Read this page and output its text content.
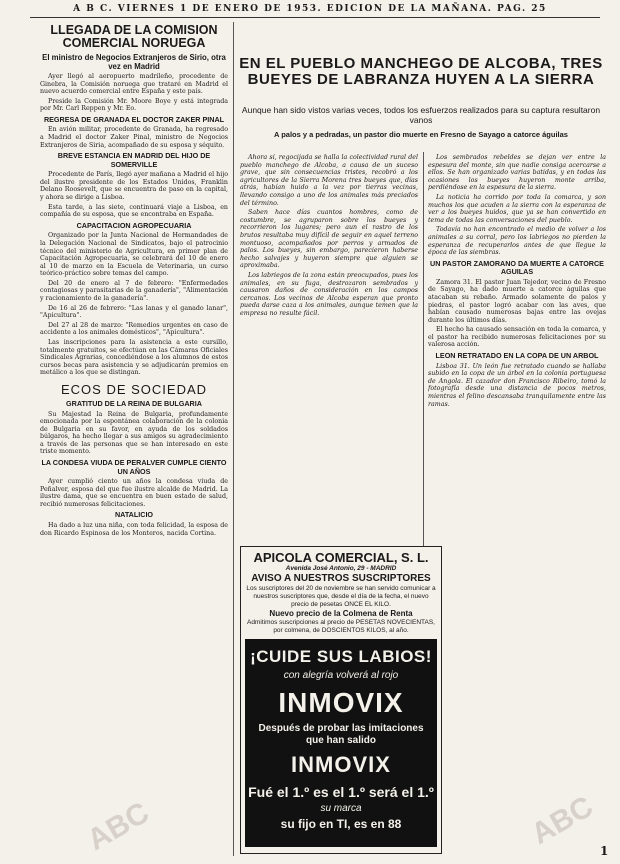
A B C. VIERNES 1 DE ENERO DE 1953. EDICION DE LA MAÑANA. PAG. 25
LLEGADA DE LA COMISION COMERCIAL NORUEGA
El ministro de Negocios Extranjeros de Sirio, otra vez en Madrid

Ayer llegó al aeropuerto madrileño, procedente de Ginebra, la Comisión noruega que trataré en Madrid el nuevo acuerdo comercial entre España y este país.

Preside la Comisión Mr. Moore Boye y está integrada por Mr. Carl Reppen y Mr. Eo.

REGRESA DE GRANADA EL DOCTOR ZAKER PINAL

En avión militar, procedente de Granada, ha regresado a Madrid el doctor Zaker Pinal, ministro de Negocios Extranjeros de Siria, acompañado de su esposa y séquito.

BREVE ESTANCIA EN MADRID DEL HIJO DE SOMERVILLE

Procedente de París, llegó ayer mañana a Madrid el hijo del ilustre presidente de los Estados Unidos, Franklin Delano Roosevelt, que se encuentra de paso en la capital, y ahora se dirige a Lisboa.

Esta tarde, a las siete, continuará viaje a Lisboa, en compañía de su esposa, que se encontraba en España.

CAPACITACION AGROPECUARIA

Organizado por la Junta Nacional de Hermandades de la Delegación Nacional de Sindicatos, bajo el patrocinio técnico del ministerio de Agricultura, en primer plan de Capacitación Agropecuaria, se celebrará del 10 de enero al 10 de marzo en la Escuela de Veterinaria, un curso teórico-práctico sobre temas del campo.

Del 20 de enero al 7 de febrero: "Enfermedades contagiosas y parasitarias de la ganadería", "Alimentación y racionamiento de la ganadería".

De 16 al 26 de febrero: "Las lanas y el ganado lanar", "Apicultura".

Del 27 al 28 de marzo: "Remedios urgentes en caso de accidente a los animales domésticos", "Apicultura".

Las inscripciones para la asistencia a este cursillo, totalmente gratuitos, se efectúan en las Cámaras Oficiales Sindicales Agrarias, concediéndose a los alumnos de estos cursos becas para asistencia y se adjudicarán premios en metálico a los que se distingan.

ECOS DE SOCIEDAD
GRATITUD DE LA REINA DE BULGARIA

Su Majestad la Reina de Bulgaria, profundamente emocionada por la espontánea colaboración de la colonia de Bulgaria en su favor, en ayuda de los soldados búlgaros, ha hecho llegar a sus amigos su agradecimiento a través de las personas que se han interesado en este triste momento.

LA CONDESA VIUDA DE PERALVER CUMPLE CIENTO UN AÑOS

Ayer cumplió ciento un años la condesa viuda de Peñalver, esposa del que fue ilustre alcalde de Madrid. La ilustre dama, que se encuentra en buen estado de salud, recibió numerosas felicitaciones.

NATALICIO

Ha dado a luz una niña, con toda felicidad, la esposa de don Ricardo Espinosa de los Monteros, nacida Cortina.

EN EL PUEBLO MANCHEGO DE ALCOBA, TRES BUEYES DE LABRANZA HUYEN A LA SIERRA
Aunque han sido vistos varias veces, todos los esfuerzos realizados para su captura resultaron vanos
A palos y a pedradas, un pastor dio muerte en Fresno de Sayago a catorce águilas

Ahora sí, regocijada se halla la colectividad rural del pueblo manchego de Alcoba, a causa de un suceso grave, que sin consecuencias tristes, recobró a los agricultores de la Sierra Morena tres bueyes que, días atrás, habían huido a la vez por tierras vecinas, llevando consigo a uno de los animales más preciados del término.

Saben hace días cuantos hombres, como de costumbre, se agruparon sobre los bueyes y recorrieron los lugares; pero aun el rastro de los brutos resultaba muy difícil de seguir en aquel terreno montuoso, acompañados por perros y armados de palos. Los bueyes, sin embargo, parecieron haberse hecho salvajes y huyeron siempre que alguien se aproximaba.

Los labriegos de la zona están preocupados, pues los animales, en su fuga, destrozaron sembrados y causaron daños de consideración en los campos cercanos. Los vecinos de Alcoba esperan que pronto pueda darse caza a los animales, aunque temen que la empresa no resulte fácil.

Los sembrados rebeldes se dejan ver entre la espesura del monte, sin que nadie consiga acercarse a ellos. Se han organizado varias batidas, y en todas las ocasiones los bueyes huyeron monte arriba, perdiéndose en la espesura de la sierra.

La noticia ha corrido por toda la comarca, y son muchos los que acuden a la sierra con la esperanza de ver a los bueyes huidos, que ya se han convertido en tema de todas las conversaciones del pueblo.

Todavía no han encontrado el medio de volver a los animales a su corral, pero los labriegos no pierden la esperanza de recuperarlos antes de que llegue la época de las siembras.

UN PASTOR ZAMORANO DA MUERTE A CATORCE AGUILAS

Zamora 31. El pastor Juan Tejedor, vecino de Fresno de Sayago, ha dado muerte a catorce águilas que atacaban su rebaño. Armado solamente de palos y piedras, el pastor logró acabar con las aves, que habían causado numerosas bajas entre las ovejas durante los últimos días.

El hecho ha causado sensación en toda la comarca, y el pastor ha recibido numerosas felicitaciones por su valerosa acción.

LEON RETRATADO EN LA COPA DE UN ARBOL

Lisboa 31. Un león fue retratado cuando se hallaba subido en la copa de un árbol en la colonia portuguesa de Angola. El cazador don Francisco Ribeiro, tomó la fotografía desde una distancia de pocos metros, mientras el felino descansaba tranquilamente entre las ramas.

APICOLA COMERCIAL, S. L.
Avenida José Antonio, 29 - MADRID
AVISO A NUESTROS SUSCRIPTORES
Los suscriptores del 20 de noviembre se han servido comunicar a nuestros suscriptores que, desde el día de la fecha, el nuevo precio de pesetas ONCE EL KILO.
Nuevo precio de la Colmena de Renta
Admitimos suscripciones al precio de PESETAS NOVECIENTAS, por colmena, de DOSCIENTOS KILOS, al año.
¡CUIDE SUS LABIOS!
con alegría volverá al rojo
INMOVIX
Después de probar las imitaciones que han salido
INMOVIX
Fué el 1.º es el 1.º será el 1.º
su marca
su fijo en TI, es en 88
ABC	ABC 1
